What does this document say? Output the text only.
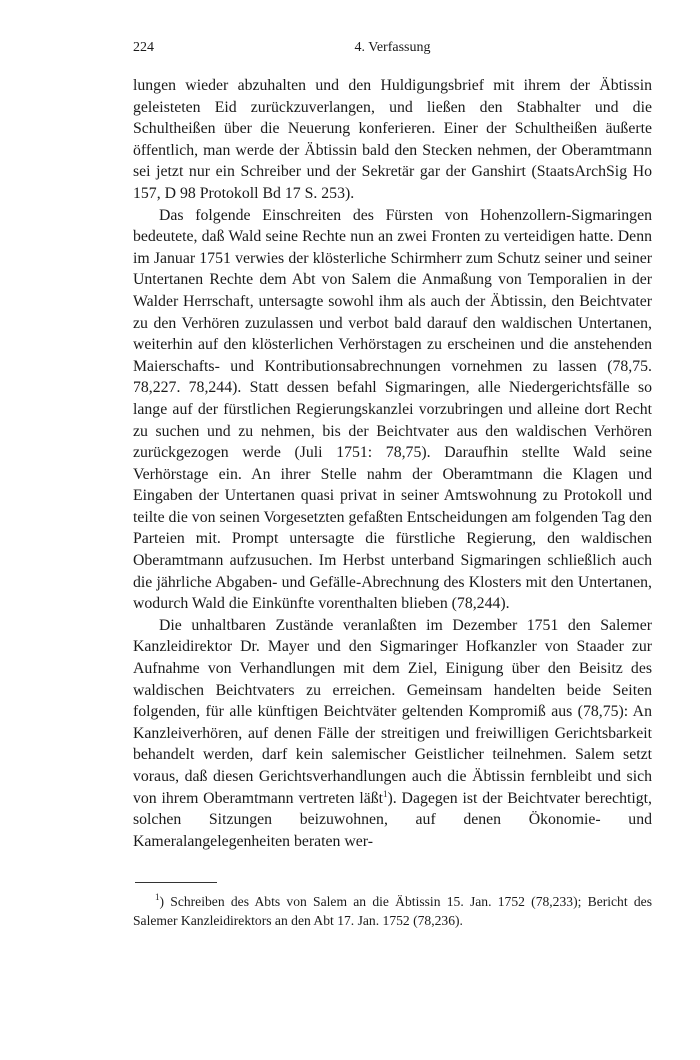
224	4. Verfassung

lungen wieder abzuhalten und den Huldigungsbrief mit ihrem der Äbtissin geleisteten Eid zurückzuverlangen, und ließen den Stabhalter und die Schultheißen über die Neuerung konferieren. Einer der Schultheißen äußerte öffentlich, man werde der Äbtissin bald den Stecken nehmen, der Oberamtmann sei jetzt nur ein Schreiber und der Sekretär gar der Ganshirt (StaatsArchSig Ho 157, D 98 Protokoll Bd 17 S. 253).

Das folgende Einschreiten des Fürsten von Hohenzollern-Sigmaringen bedeutete, daß Wald seine Rechte nun an zwei Fronten zu verteidigen hatte. Denn im Januar 1751 verwies der klösterliche Schirmherr zum Schutz seiner und seiner Untertanen Rechte dem Abt von Salem die Anmaßung von Temporalien in der Walder Herrschaft, untersagte sowohl ihm als auch der Äbtissin, den Beichtvater zu den Verhören zuzulassen und verbot bald darauf den waldischen Untertanen, weiterhin auf den klösterlichen Verhörstagen zu erscheinen und die anstehenden Maierschafts- und Kontributionsabrechnungen vornehmen zu lassen (78,75. 78,227. 78,244). Statt dessen befahl Sigmaringen, alle Niedergerichtsfälle so lange auf der fürstlichen Regierungskanzlei vorzubringen und alleine dort Recht zu suchen und zu nehmen, bis der Beichtvater aus den waldischen Verhören zurückgezogen werde (Juli 1751: 78,75). Daraufhin stellte Wald seine Verhörstage ein. An ihrer Stelle nahm der Oberamtmann die Klagen und Eingaben der Untertanen quasi privat in seiner Amtswohnung zu Protokoll und teilte die von seinen Vorgesetzten gefaßten Entscheidungen am folgenden Tag den Parteien mit. Prompt untersagte die fürstliche Regierung, den waldischen Oberamtmann aufzusuchen. Im Herbst unterband Sigmaringen schließlich auch die jährliche Abgaben- und Gefälle-Abrechnung des Klosters mit den Untertanen, wodurch Wald die Einkünfte vorenthalten blieben (78,244).

Die unhaltbaren Zustände veranlaßten im Dezember 1751 den Salemer Kanzleidirektor Dr. Mayer und den Sigmaringer Hofkanzler von Staader zur Aufnahme von Verhandlungen mit dem Ziel, Einigung über den Beisitz des waldischen Beichtvaters zu erreichen. Gemeinsam handelten beide Seiten folgenden, für alle künftigen Beichtväter geltenden Kompromiß aus (78,75): An Kanzleiverhören, auf denen Fälle der streitigen und freiwilligen Gerichtsbarkeit behandelt werden, darf kein salemischer Geistlicher teilnehmen. Salem setzt voraus, daß diesen Gerichtsverhandlungen auch die Äbtissin fernbleibt und sich von ihrem Oberamtmann vertreten läßt$^1$). Dagegen ist der Beichtvater berechtigt, solchen Sitzungen beizuwohnen, auf denen Ökonomie- und Kameralangelegenheiten beraten wer-

$^1$) Schreiben des Abts von Salem an die Äbtissin 15. Jan. 1752 (78,233); Bericht des Salemer Kanzleidirektors an den Abt 17. Jan. 1752 (78,236).
